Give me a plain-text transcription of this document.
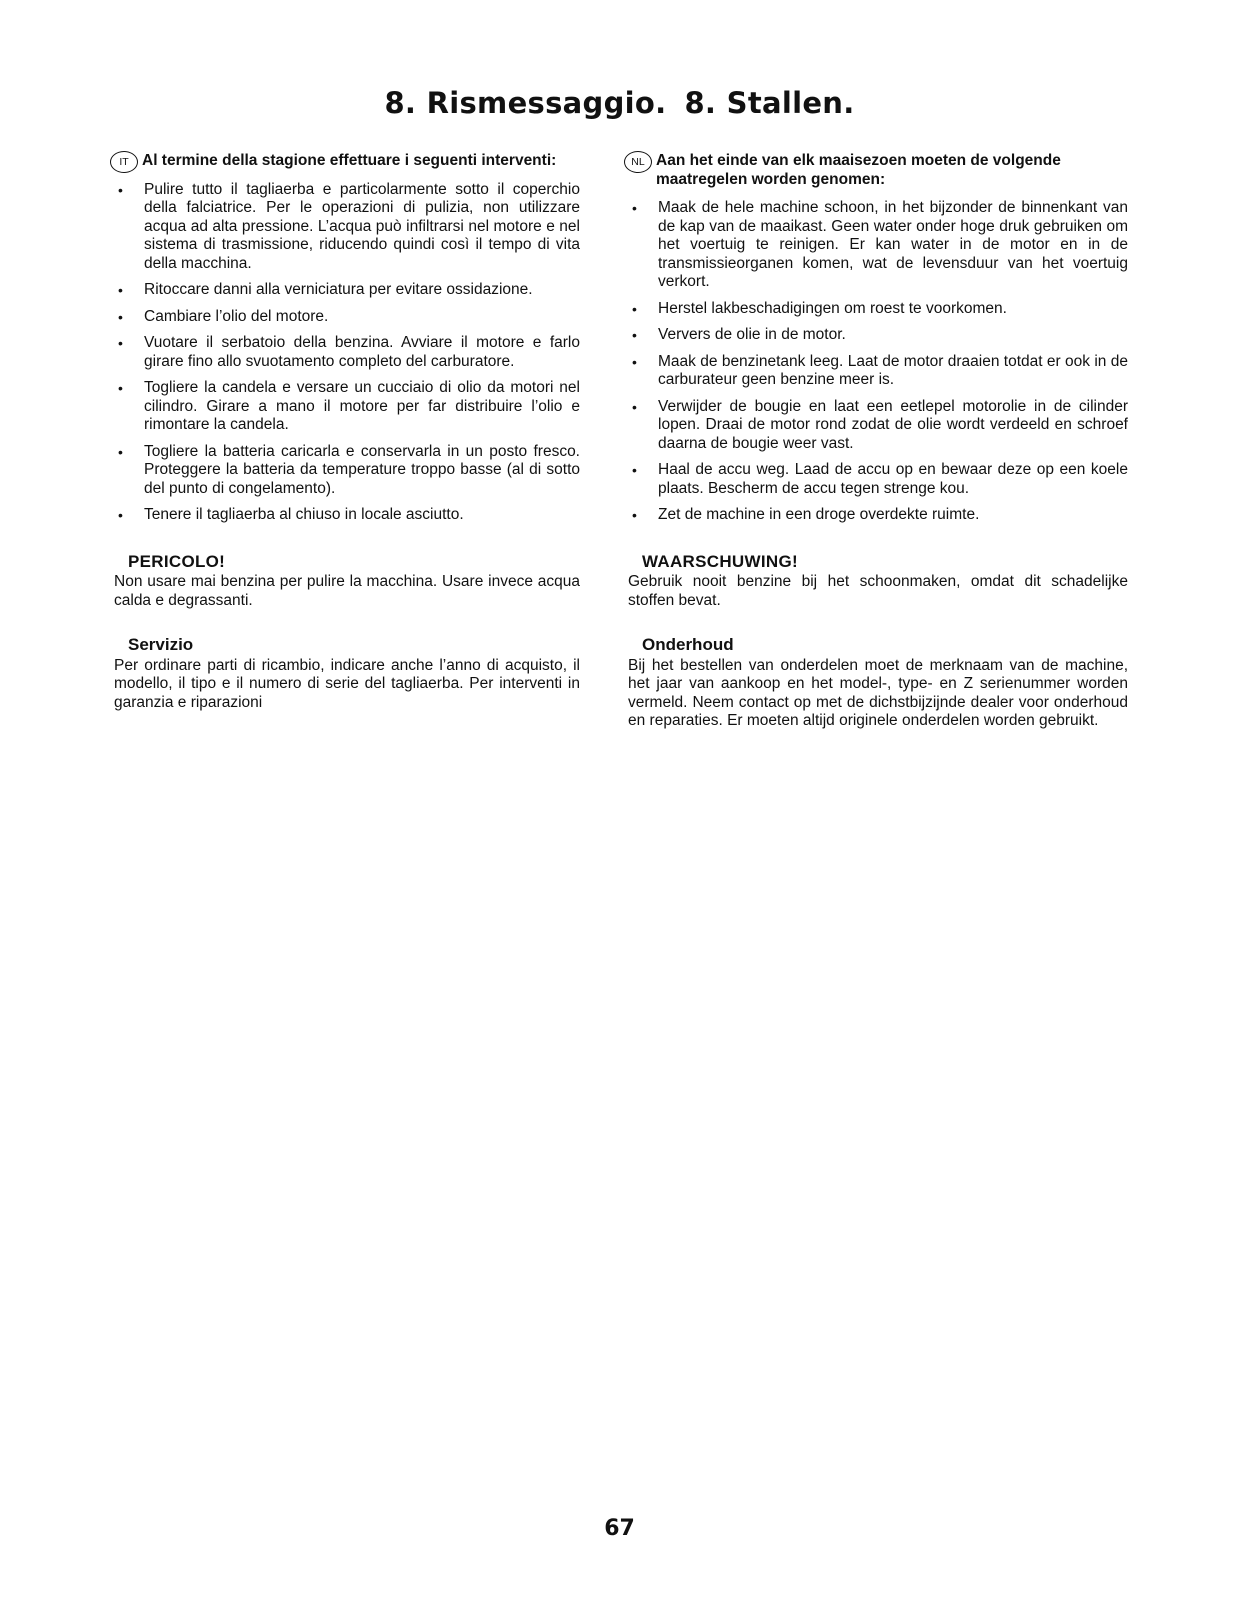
8. Rismessaggio. 8. Stallen.

IT Al termine della stagione effettuare i seguenti interventi:

• Pulire tutto il tagliaerba e particolarmente sotto il coperchio della falciatrice. Per le operazioni di pulizia, non utilizzare acqua ad alta pressione. L’acqua può infiltrarsi nel motore e nel sistema di trasmissione, riducendo quindi così il tempo di vita della macchina.
• Ritoccare danni alla verniciatura per evitare ossidazione.
• Cambiare l’olio del motore.
• Vuotare il serbatoio della benzina. Avviare il motore e farlo girare fino allo svuotamento completo del carburatore.
• Togliere la candela e versare un cucciaio di olio da motori nel cilindro. Girare a mano il motore per far distribuire l’olio e rimontare la candela.
• Togliere la batteria caricarla e conservarla in un posto fresco. Proteggere la batteria da temperature troppo basse (al di sotto del punto di congelamento).
• Tenere il tagliaerba al chiuso in locale asciutto.
PERICOLO!

Non usare mai benzina per pulire la macchina. Usare invece acqua calda e degrassanti.

Servizio

Per ordinare parti di ricambio, indicare anche l’anno di acquisto, il modello, il tipo e il numero di serie del tagliaerba. Per interventi in garanzia e riparazioni

NL Aan het einde van elk maaisezoen moeten de volgende maatregelen worden genomen:

• Maak de hele machine schoon, in het bijzonder de binnenkant van de kap van de maaikast. Geen water onder hoge druk gebruiken om het voertuig te reinigen. Er kan water in de motor en in de transmissieorganen komen, wat de levensduur van het voertuig verkort.
• Herstel lakbeschadigingen om roest te voorkomen.
• Ververs de olie in de motor.
• Maak de benzinetank leeg. Laat de motor draaien totdat er ook in de carburateur geen benzine meer is.
• Verwijder de bougie en laat een eetlepel motorolie in de cilinder lopen. Draai de motor rond zodat de olie wordt verdeeld en schroef daarna de bougie weer vast.
• Haal de accu weg. Laad de accu op en bewaar deze op een koele plaats. Bescherm de accu tegen strenge kou.
• Zet de machine in een droge overdekte ruimte.
WAARSCHUWING!

Gebruik nooit benzine bij het schoonmaken, omdat dit schadelijke stoffen bevat.

Onderhoud

Bij het bestellen van onderdelen moet de merknaam van de machine, het jaar van aankoop en het model-, type- en Z serienummer worden vermeld. Neem contact op met de dichstbijzijnde dealer voor onderhoud en reparaties. Er moeten altijd originele onderdelen worden gebruikt.

67
